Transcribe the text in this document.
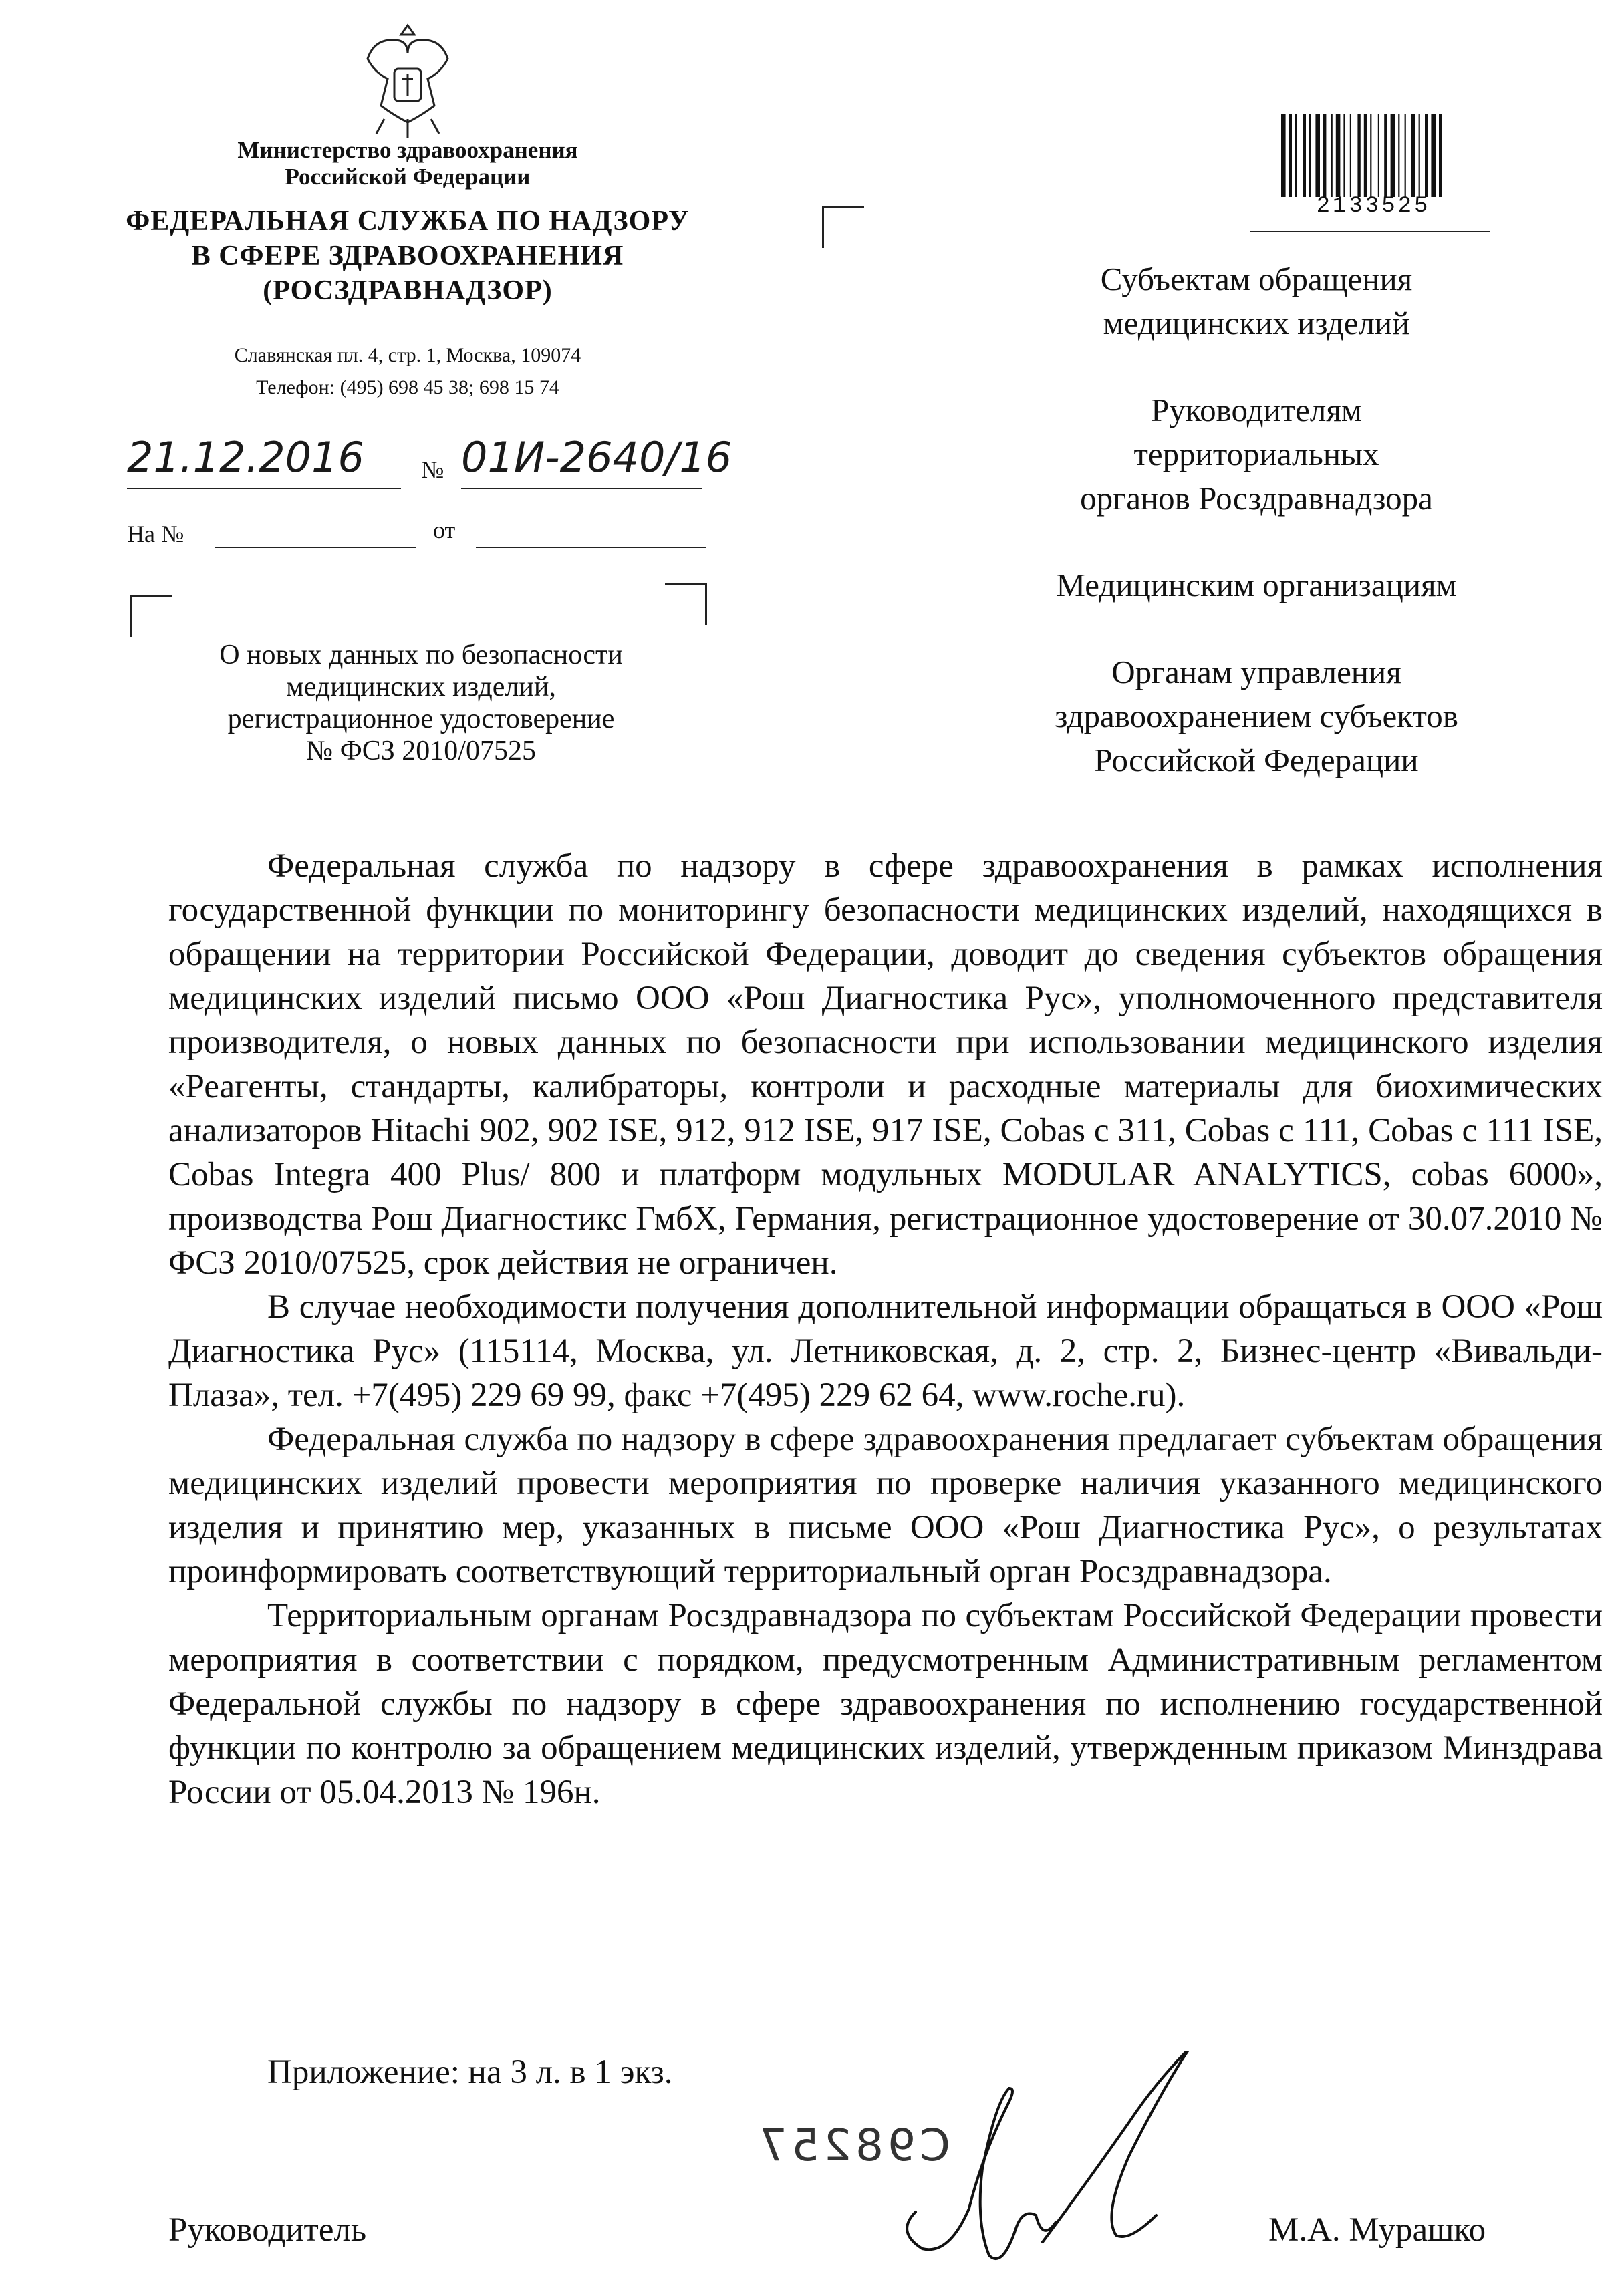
Министерство здравоохранения
Российской Федерации
ФЕДЕРАЛЬНАЯ СЛУЖБА ПО НАДЗОРУ
В СФЕРЕ ЗДРАВООХРАНЕНИЯ
(РОСЗДРАВНАДЗОР)
Славянская пл. 4, стр. 1, Москва, 109074
Телефон: (495) 698 45 38; 698 15 74
21.12.2016 № 01И-2640/16
На №	от
О новых данных по безопасности
медицинских изделий,
регистрационное удостоверение
№ ФСЗ 2010/07525
2133525
Субъектам обращения
медицинских изделий
Руководителям
территориальных
органов Росздравнадзора
Медицинским организациям
Органам управления
здравоохранением субъектов
Российской Федерации

Федеральная служба по надзору в сфере здравоохранения в рамках исполнения государственной функции по мониторингу безопасности медицинских изделий, находящихся в обращении на территории Российской Федерации, доводит до сведения субъектов обращения медицинских изделий письмо ООО «Рош Диагностика Рус», уполномоченного представителя производителя, о новых данных по безопасности при использовании медицинского изделия «Реагенты, стандарты, калибраторы, контроли и расходные материалы для биохимических анализаторов Hitachi 902, 902 ISE, 912, 912 ISE, 917 ISE, Cobas c 311, Cobas c 111, Cobas c 111 ISE, Cobas Integra 400 Plus/ 800 и платформ модульных MODULAR ANALYTICS, cobas 6000», производства Рош Диагностикс ГмбХ, Германия, регистрационное удостоверение от 30.07.2010 № ФСЗ 2010/07525, срок действия не ограничен.

В случае необходимости получения дополнительной информации обращаться в ООО «Рош Диагностика Рус» (115114, Москва, ул. Летниковская, д. 2, стр. 2, Бизнес-центр «Вивальди-Плаза», тел. +7(495) 229 69 99, факс +7(495) 229 62 64, www.roche.ru).

Федеральная служба по надзору в сфере здравоохранения предлагает субъектам обращения медицинских изделий провести мероприятия по проверке наличия указанного медицинского изделия и принятию мер, указанных в письме ООО «Рош Диагностика Рус», о результатах проинформировать соответствующий территориальный орган Росздравнадзора.

Территориальным органам Росздравнадзора по субъектам Российской Федерации провести мероприятия в соответствии с порядком, предусмотренным Административным регламентом Федеральной службы по надзору в сфере здравоохранения по исполнению государственной функции по контролю за обращением медицинских изделий, утвержденным приказом Минздрава России от 05.04.2013 № 196н.

Приложение: на 3 л. в 1 экз.
C98257
Руководитель	М.А. Мурашко
